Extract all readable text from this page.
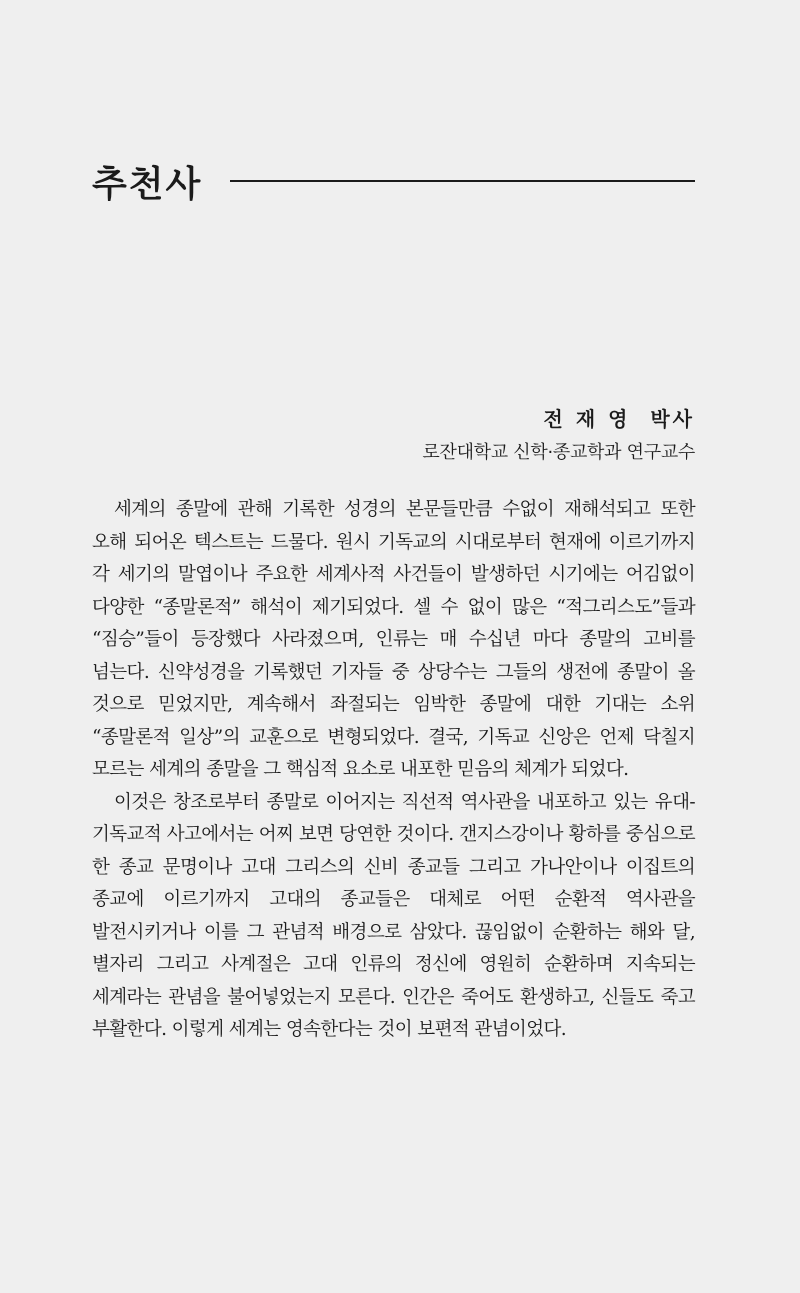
추천사
전 재 영  박사
로잔대학교 신학·종교학과 연구교수

세계의 종말에 관해 기록한 성경의 본문들만큼 수없이 재해석되고 또한 오해 되어온 텍스트는 드물다. 원시 기독교의 시대로부터 현재에 이르기까지 각 세기의 말엽이나 주요한 세계사적 사건들이 발생하던 시기에는 어김없이 다양한 “종말론적” 해석이 제기되었다. 셀 수 없이 많은 “적그리스도”들과 “짐승”들이 등장했다 사라졌으며, 인류는 매 수십년 마다 종말의 고비를 넘는다. 신약성경을 기록했던 기자들 중 상당수는 그들의 생전에 종말이 올 것으로 믿었지만, 계속해서 좌절되는 임박한 종말에 대한 기대는 소위 “종말론적 일상”의 교훈으로 변형되었다. 결국, 기독교 신앙은 언제 닥칠지 모르는 세계의 종말을 그 핵심적 요소로 내포한 믿음의 체계가 되었다.

이것은 창조로부터 종말로 이어지는 직선적 역사관을 내포하고 있는 유대-기독교적 사고에서는 어찌 보면 당연한 것이다. 갠지스강이나 황하를 중심으로 한 종교 문명이나 고대 그리스의 신비 종교들 그리고 가나안이나 이집트의 종교에 이르기까지 고대의 종교들은 대체로 어떤 순환적 역사관을 발전시키거나 이를 그 관념적 배경으로 삼았다. 끊임없이 순환하는 해와 달, 별자리 그리고 사계절은 고대 인류의 정신에 영원히 순환하며 지속되는 세계라는 관념을 불어넣었는지 모른다. 인간은 죽어도 환생하고, 신들도 죽고 부활한다. 이렇게 세계는 영속한다는 것이 보편적 관념이었다.
